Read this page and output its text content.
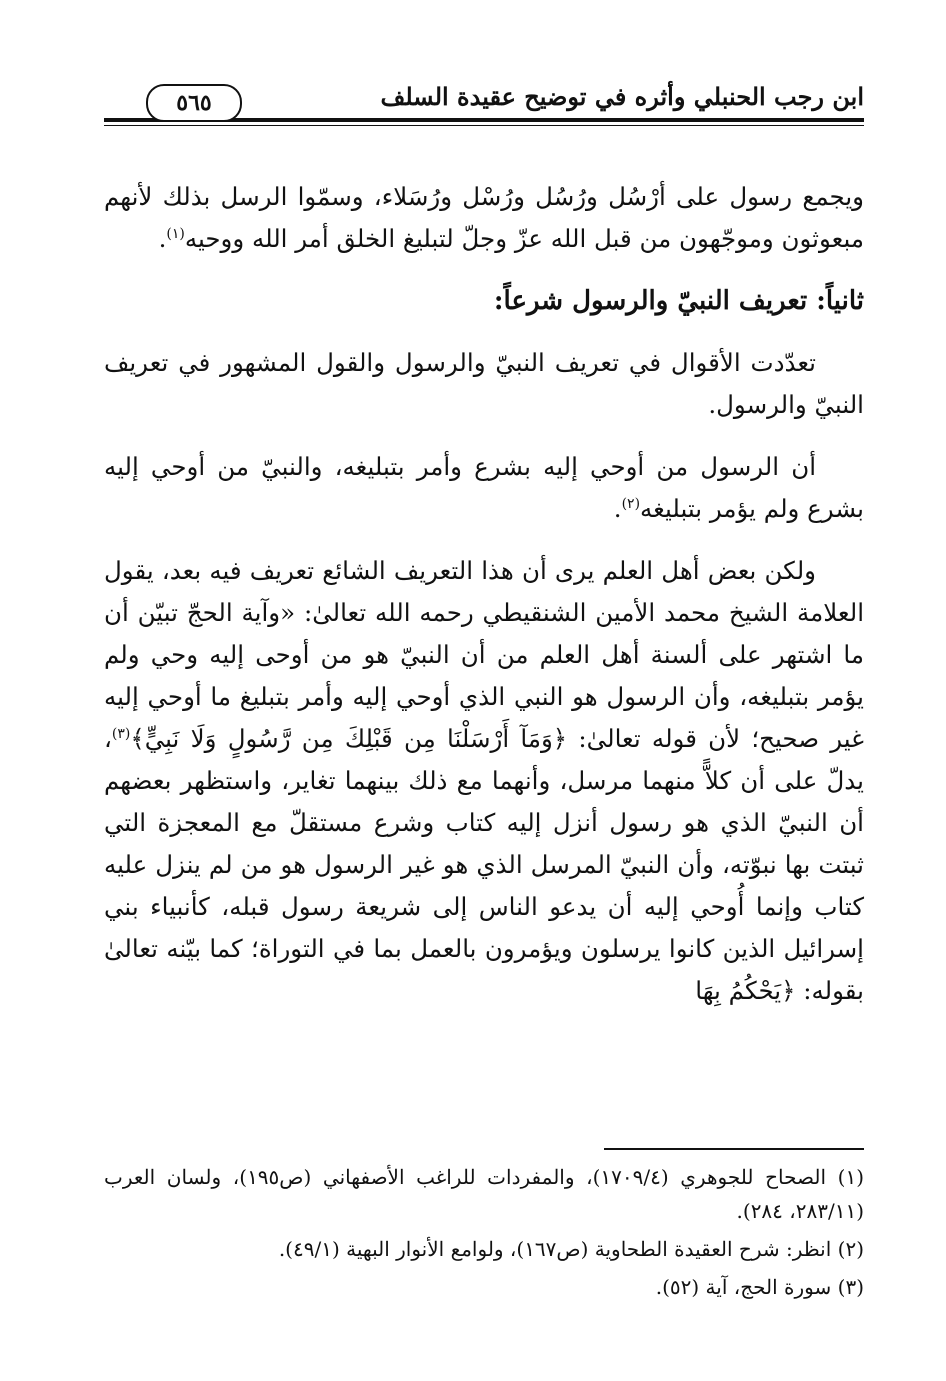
ابن رجب الحنبلي وأثره في توضيح عقيدة السلف
٥٦٥

ويجمع رسول على أرْسُل ورُسُل ورُسْل ورُسَلاء، وسمّوا الرسل بذلك لأنهم مبعوثون وموجّهون من قبل الله عزّ وجلّ لتبليغ الخلق أمر الله ووحيه$^{(١)}$.

ثانياً: تعريف النبيّ والرسول شرعاً:

تعدّدت الأقوال في تعريف النبيّ والرسول والقول المشهور في تعريف النبيّ والرسول.

أن الرسول من أوحي إليه بشرع وأمر بتبليغه، والنبيّ من أوحي إليه بشرع ولم يؤمر بتبليغه$^{(٢)}$.

ولكن بعض أهل العلم يرى أن هذا التعريف الشائع تعريف فيه بعد، يقول العلامة الشيخ محمد الأمين الشنقيطي رحمه الله تعالىٰ: «وآية الحجّ تبيّن أن ما اشتهر على ألسنة أهل العلم من أن النبيّ هو من أوحى إليه وحي ولم يؤمر بتبليغه، وأن الرسول هو النبي الذي أوحي إليه وأمر بتبليغ ما أوحي إليه غير صحيح؛ لأن قوله تعالىٰ: ﴿وَمَآ أَرْسَلْنَا مِن قَبْلِكَ مِن رَّسُولٍ وَلَا نَبِيٍّ﴾$^{(٣)}$، يدلّ على أن كلاًّ منهما مرسل، وأنهما مع ذلك بينهما تغاير، واستظهر بعضهم أن النبيّ الذي هو رسول أنزل إليه كتاب وشرع مستقلّ مع المعجزة التي ثبتت بها نبوّته، وأن النبيّ المرسل الذي هو غير الرسول هو من لم ينزل عليه كتاب وإنما أُوحي إليه أن يدعو الناس إلى شريعة رسول قبله، كأنبياء بني إسرائيل الذين كانوا يرسلون ويؤمرون بالعمل بما في التوراة؛ كما بيّنه تعالىٰ بقوله: ﴿يَحْكُمُ بِهَا

(١) الصحاح للجوهري (١٧٠٩/٤)، والمفردات للراغب الأصفهاني (ص١٩٥)، ولسان العرب (٢٨٣/١١، ٢٨٤).

(٢) انظر: شرح العقيدة الطحاوية (ص١٦٧)، ولوامع الأنوار البهية (٤٩/١).

(٣) سورة الحج، آية (٥٢).
